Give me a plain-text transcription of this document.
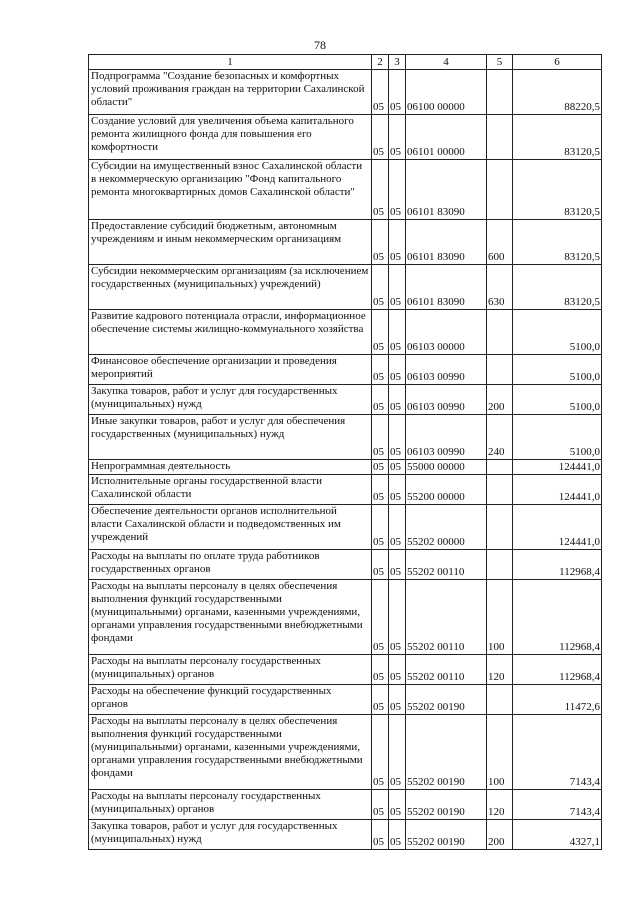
78
1	2	3	4	5	6
Подпрограмма "Создание безопасных и комфортных условий проживания граждан на территории Сахалинской области"	05	05	06100 00000		88220,5
Создание условий для увеличения объема капитального ремонта жилищного фонда для повышения его комфортности	05	05	06101 00000		83120,5
Субсидии на имущественный взнос Сахалинской области в некоммерческую организацию "Фонд капитального ремонта многоквартирных домов Сахалинской области"	05	05	06101 83090		83120,5
Предоставление субсидий бюджетным, автономным учреждениям и иным некоммерческим организациям	05	05	06101 83090	600	83120,5
Субсидии некоммерческим организациям (за исключением государственных (муниципальных) учреждений)	05	05	06101 83090	630	83120,5
Развитие кадрового потенциала отрасли, информационное обеспечение системы жилищно-коммунального хозяйства	05	05	06103 00000		5100,0
Финансовое обеспечение организации и проведения мероприятий	05	05	06103 00990		5100,0
Закупка товаров, работ и услуг для государственных (муниципальных) нужд	05	05	06103 00990	200	5100,0
Иные закупки товаров, работ и услуг для обеспечения государственных (муниципальных) нужд	05	05	06103 00990	240	5100,0
Непрограммная деятельность	05	05	55000 00000		124441,0
Исполнительные органы государственной власти Сахалинской области	05	05	55200 00000		124441,0
Обеспечение деятельности органов исполнительной власти Сахалинской области и подведомственных им учреждений	05	05	55202 00000		124441,0
Расходы на выплаты по оплате труда работников государственных органов	05	05	55202 00110		112968,4
Расходы на выплаты персоналу в целях обеспечения выполнения функций государственными (муниципальными) органами, казенными учреждениями, органами управления государственными внебюджетными фондами	05	05	55202 00110	100	112968,4
Расходы на выплаты персоналу государственных (муниципальных) органов	05	05	55202 00110	120	112968,4
Расходы на обеспечение функций государственных органов	05	05	55202 00190		11472,6
Расходы на выплаты персоналу в целях обеспечения выполнения функций государственными (муниципальными) органами, казенными учреждениями, органами управления государственными внебюджетными фондами	05	05	55202 00190	100	7143,4
Расходы на выплаты персоналу государственных (муниципальных) органов	05	05	55202 00190	120	7143,4
Закупка товаров, работ и услуг для государственных (муниципальных) нужд	05	05	55202 00190	200	4327,1
